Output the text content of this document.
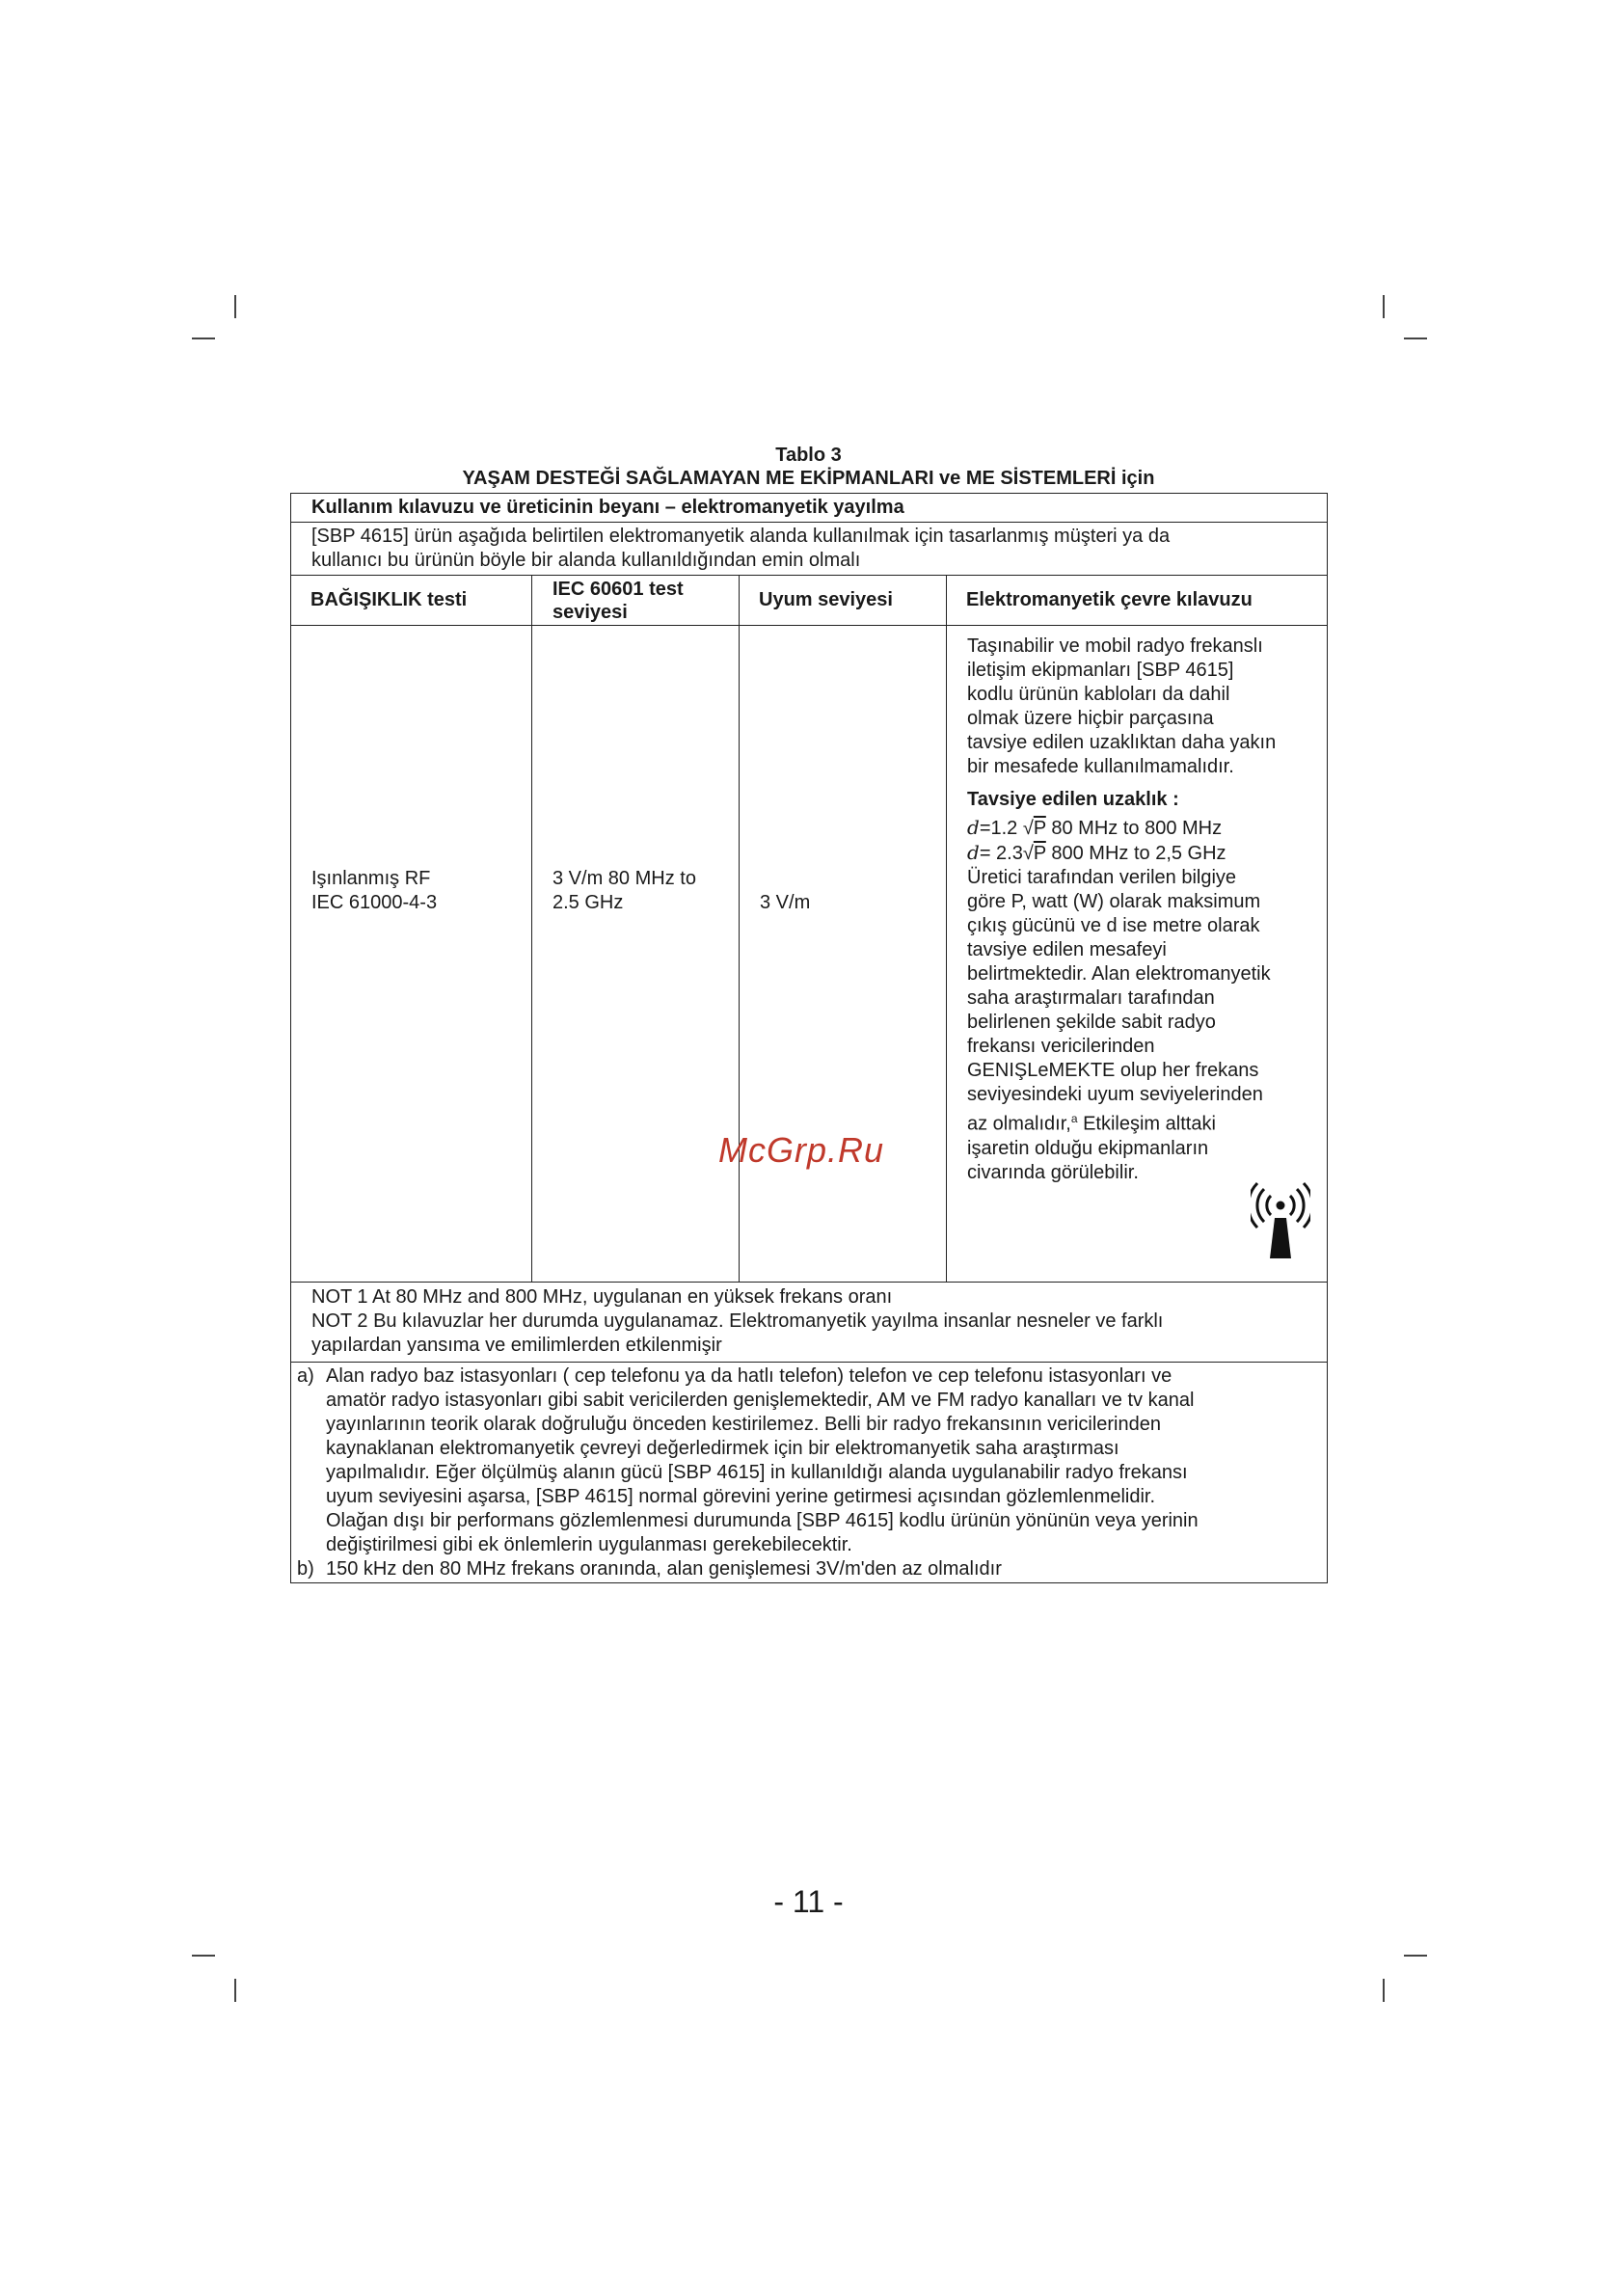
Tablo 3
YAŞAM DESTEĞİ SAĞLAMAYAN ME EKİPMANLARI ve ME SİSTEMLERİ için
Kullanım kılavuzu ve üreticinin beyanı – elektromanyetik yayılma
[SBP 4615] ürün aşağıda belirtilen elektromanyetik alanda kullanılmak için tasarlanmış müşteri ya da
kullanıcı bu ürünün böyle bir alanda kullanıldığından emin olmalı
BAĞIŞIKLIK testi
IEC 60601 test
seviyesi
Uyum seviyesi	Elektromanyetik çevre kılavuzu
Işınlanmış RF
IEC 61000-4-3
3 V/m 80 MHz to
2.5 GHz	3 V/m

Taşınabilir ve mobil radyo frekanslı
iletişim ekipmanları [SBP 4615]
kodlu ürünün kabloları da dahil
olmak üzere hiçbir parçasına
tavsiye edilen uzaklıktan daha yakın
bir mesafede kullanılmamalıdır.

Tavsiye edilen uzaklık :

d=1.2 √P 80 MHz to 800 MHz

d= 2.3√P 800 MHz to 2,5 GHz

Üretici tarafından verilen bilgiye
göre P, watt (W) olarak maksimum
çıkış gücünü ve d ise metre olarak
tavsiye edilen mesafeyi
belirtmektedir. Alan elektromanyetik
saha araştırmaları tarafından
belirlenen şekilde sabit radyo
frekansı vericilerinden
GENIŞLeMEKTE olup her frekans
seviyesindeki uyum seviyelerinden

az olmalıdır,$^a$ Etkileşim alttaki

işaretin olduğu ekipmanların
civarında görülebilir.

NOT 1 At 80 MHz and 800 MHz, uygulanan en yüksek frekans oranı
NOT 2 Bu kılavuzlar her durumda uygulanamaz. Elektromanyetik yayılma insanlar nesneler ve farklı
yapılardan yansıma ve emilimlerden etkilenmişir
a) Alan radyo baz istasyonları ( cep telefonu ya da hatlı telefon) telefon ve cep telefonu istasyonları ve
amatör radyo istasyonları gibi sabit vericilerden genişlemektedir, AM ve FM radyo kanalları ve tv kanal
yayınlarının teorik olarak doğruluğu önceden kestirilemez. Belli bir radyo frekansının vericilerinden
kaynaklanan elektromanyetik çevreyi değerledirmek için bir elektromanyetik saha araştırması
yapılmalıdır. Eğer ölçülmüş alanın gücü [SBP 4615] in kullanıldığı alanda uygulanabilir radyo frekansı
uyum seviyesini aşarsa, [SBP 4615] normal görevini yerine getirmesi açısından gözlemlenmelidir.
Olağan dışı bir performans gözlemlenmesi durumunda [SBP 4615] kodlu ürünün yönünün veya yerinin
değiştirilmesi gibi ek önlemlerin uygulanması gerekebilecektir.
b) 150 kHz den 80 MHz frekans oranında, alan genişlemesi 3V/m'den az olmalıdır
McGrp.Ru
- 11 -
